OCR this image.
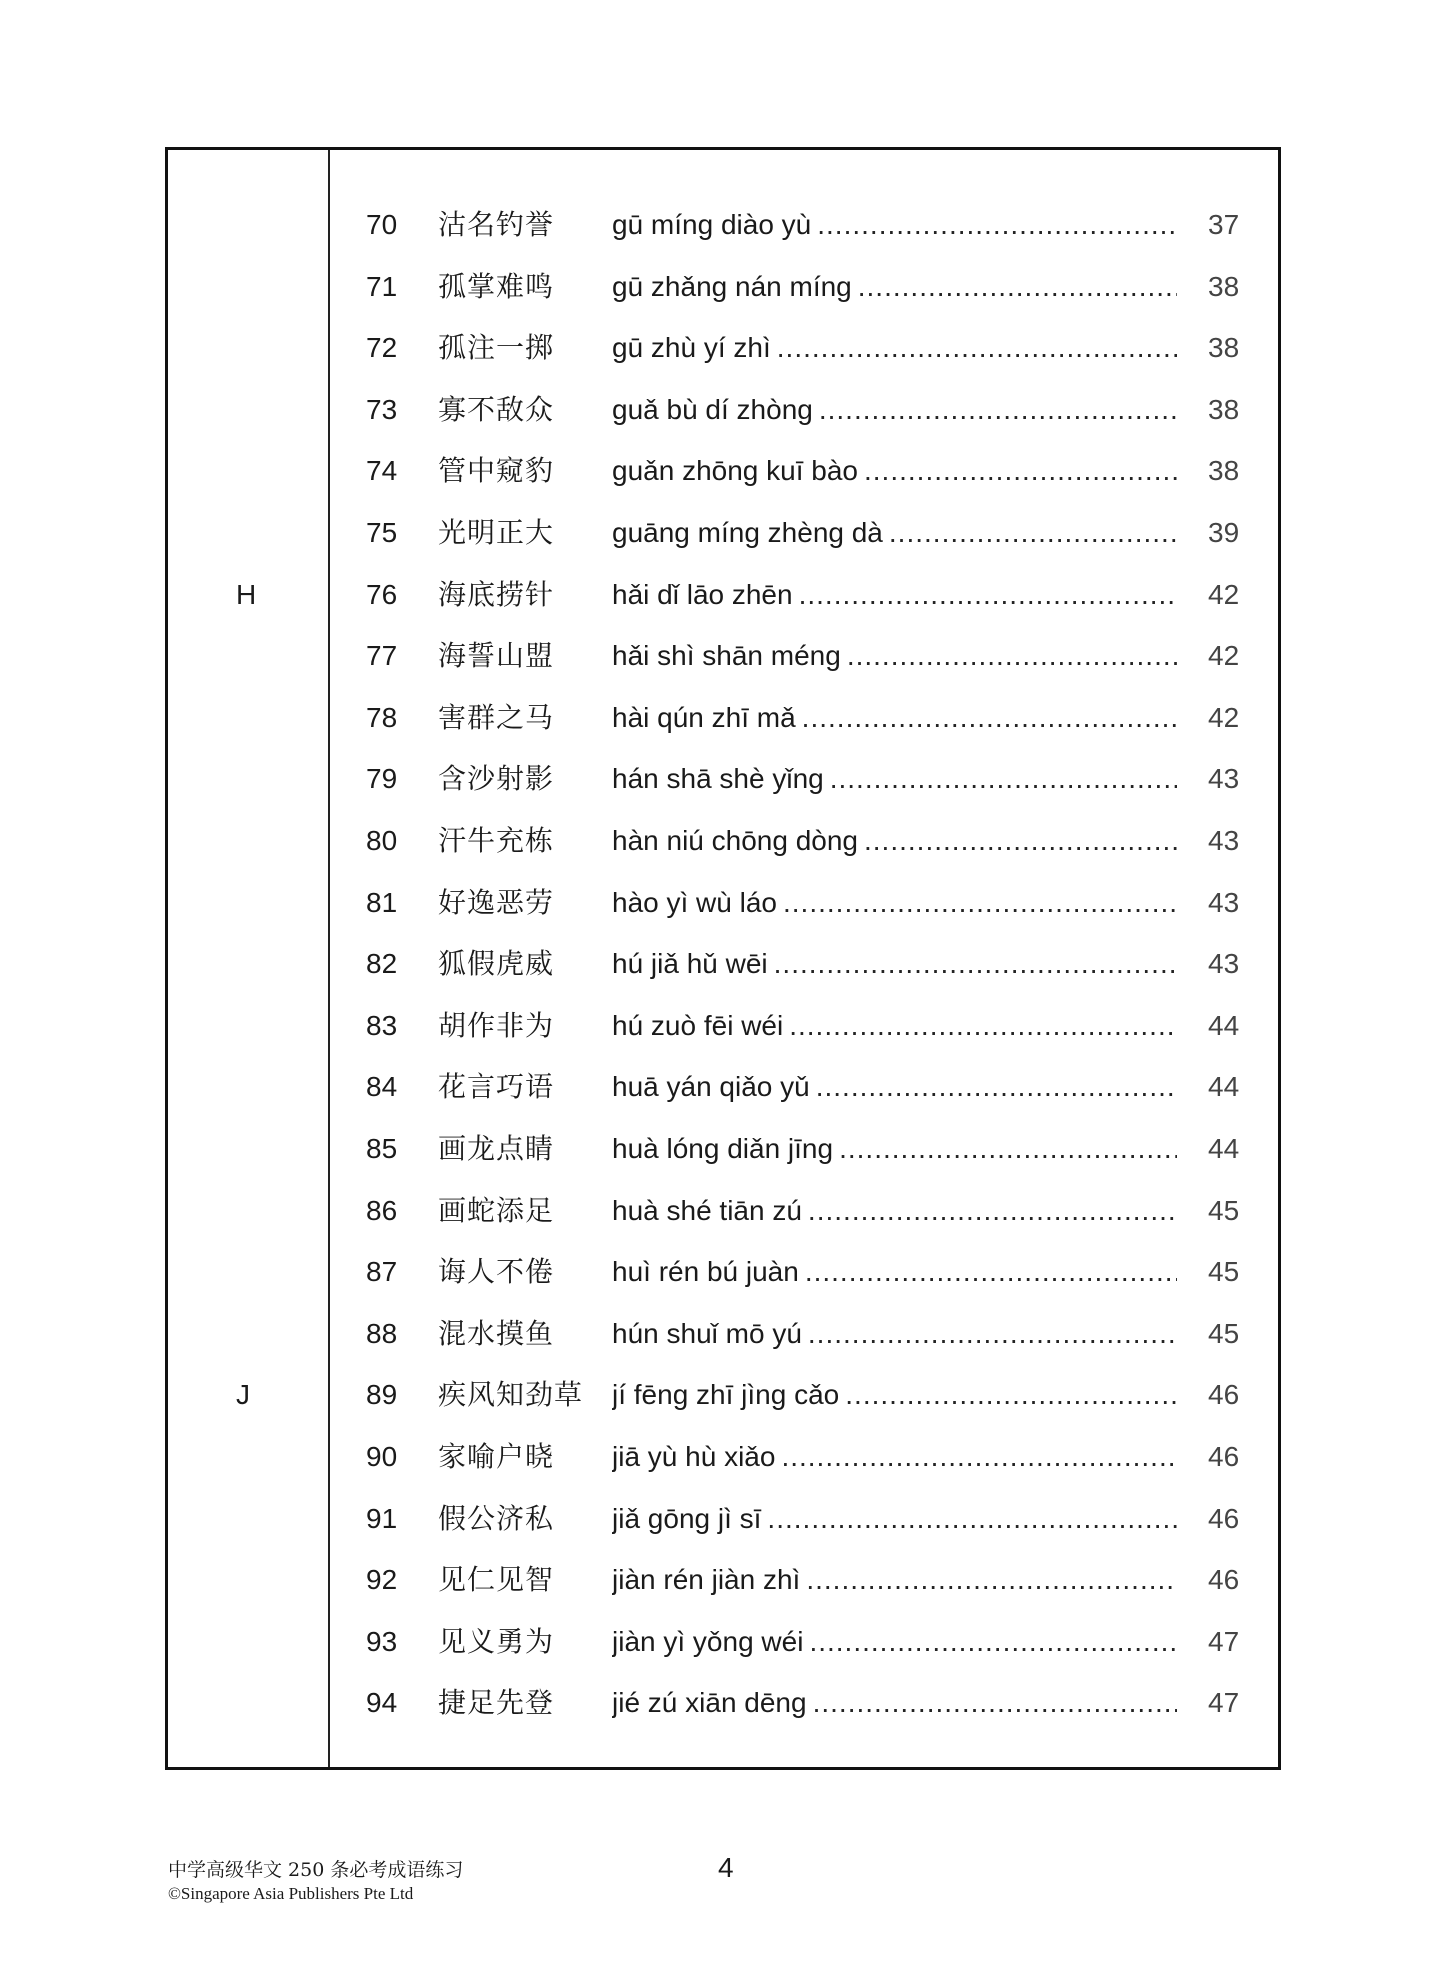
70 沽名钓誉 gū míng diào yù .....	37
71 孤掌难鸣 gū zhǎng nán míng .....	38
72 孤注一掷 gū zhù yí zhì .....	38
73 寡不敌众 guǎ bù dí zhòng .....	38
74 管中窥豹 guǎn zhōng kuī bào .....	38
75 光明正大 guāng míng zhèng dà .....	39
H	76 海底捞针 hǎi dǐ lāo zhēn .....	42
77 海誓山盟 hǎi shì shān méng .....	42
78 害群之马 hài qún zhī mǎ .....	42
79 含沙射影 hán shā shè yǐng .....	43
80 汗牛充栋 hàn niú chōng dòng .....	43
81 好逸恶劳 hào yì wù láo .....	43
82 狐假虎威 hú jiǎ hǔ wēi .....	43
83 胡作非为 hú zuò fēi wéi .....	44
84 花言巧语 huā yán qiǎo yǔ .....	44
85 画龙点睛 huà lóng diǎn jīng .....	44
86 画蛇添足 huà shé tiān zú .....	45
87 诲人不倦 huì rén bú juàn .....	45
88 混水摸鱼 hún shuǐ mō yú .....	45
J	89 疾风知劲草 jí fēng zhī jìng cǎo .....	46
90 家喻户晓 jiā yù hù xiǎo .....	46
91 假公济私 jiǎ gōng jì sī .....	46
92 见仁见智 jiàn rén jiàn zhì .....	46
93 见义勇为 jiàn yì yǒng wéi .....	47
94 捷足先登 jié zú xiān dēng .....	47
中学高级华文 250 条必考成语练习
©Singapore Asia Publishers Pte Ltd
4
